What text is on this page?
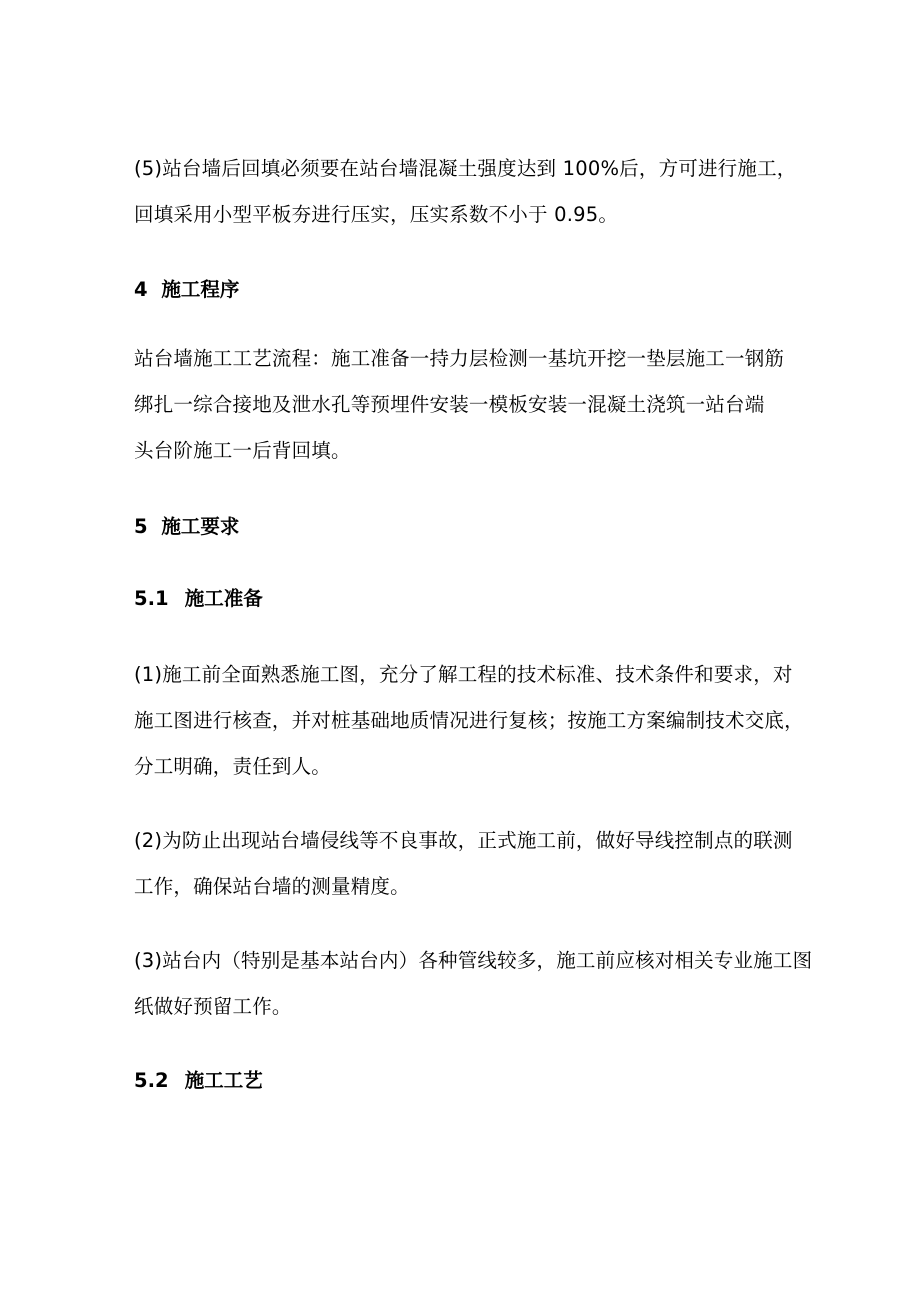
(5)站台墙后回填必须要在站台墙混凝土强度达到 100%后，方可进行施工，
回填采用小型平板夯进行压实，压实系数不小于 0.95。

4 施工程序

站台墙施工工艺流程：施工准备一持力层检测一基坑开挖一垫层施工一钢筋
绑扎一综合接地及泄水孔等预埋件安装一模板安装一混凝土浇筑一站台端
头台阶施工一后背回填。

5 施工要求
5.1 施工准备

(1)施工前全面熟悉施工图，充分了解工程的技术标准、技术条件和要求，对
施工图进行核查，并对桩基础地质情况进行复核；按施工方案编制技术交底，
分工明确，责任到人。

(2)为防止出现站台墙侵线等不良事故，正式施工前，做好导线控制点的联测
工作，确保站台墙的测量精度。

(3)站台内（特别是基本站台内）各种管线较多，施工前应核对相关专业施工图
纸做好预留工作。

5.2 施工工艺
